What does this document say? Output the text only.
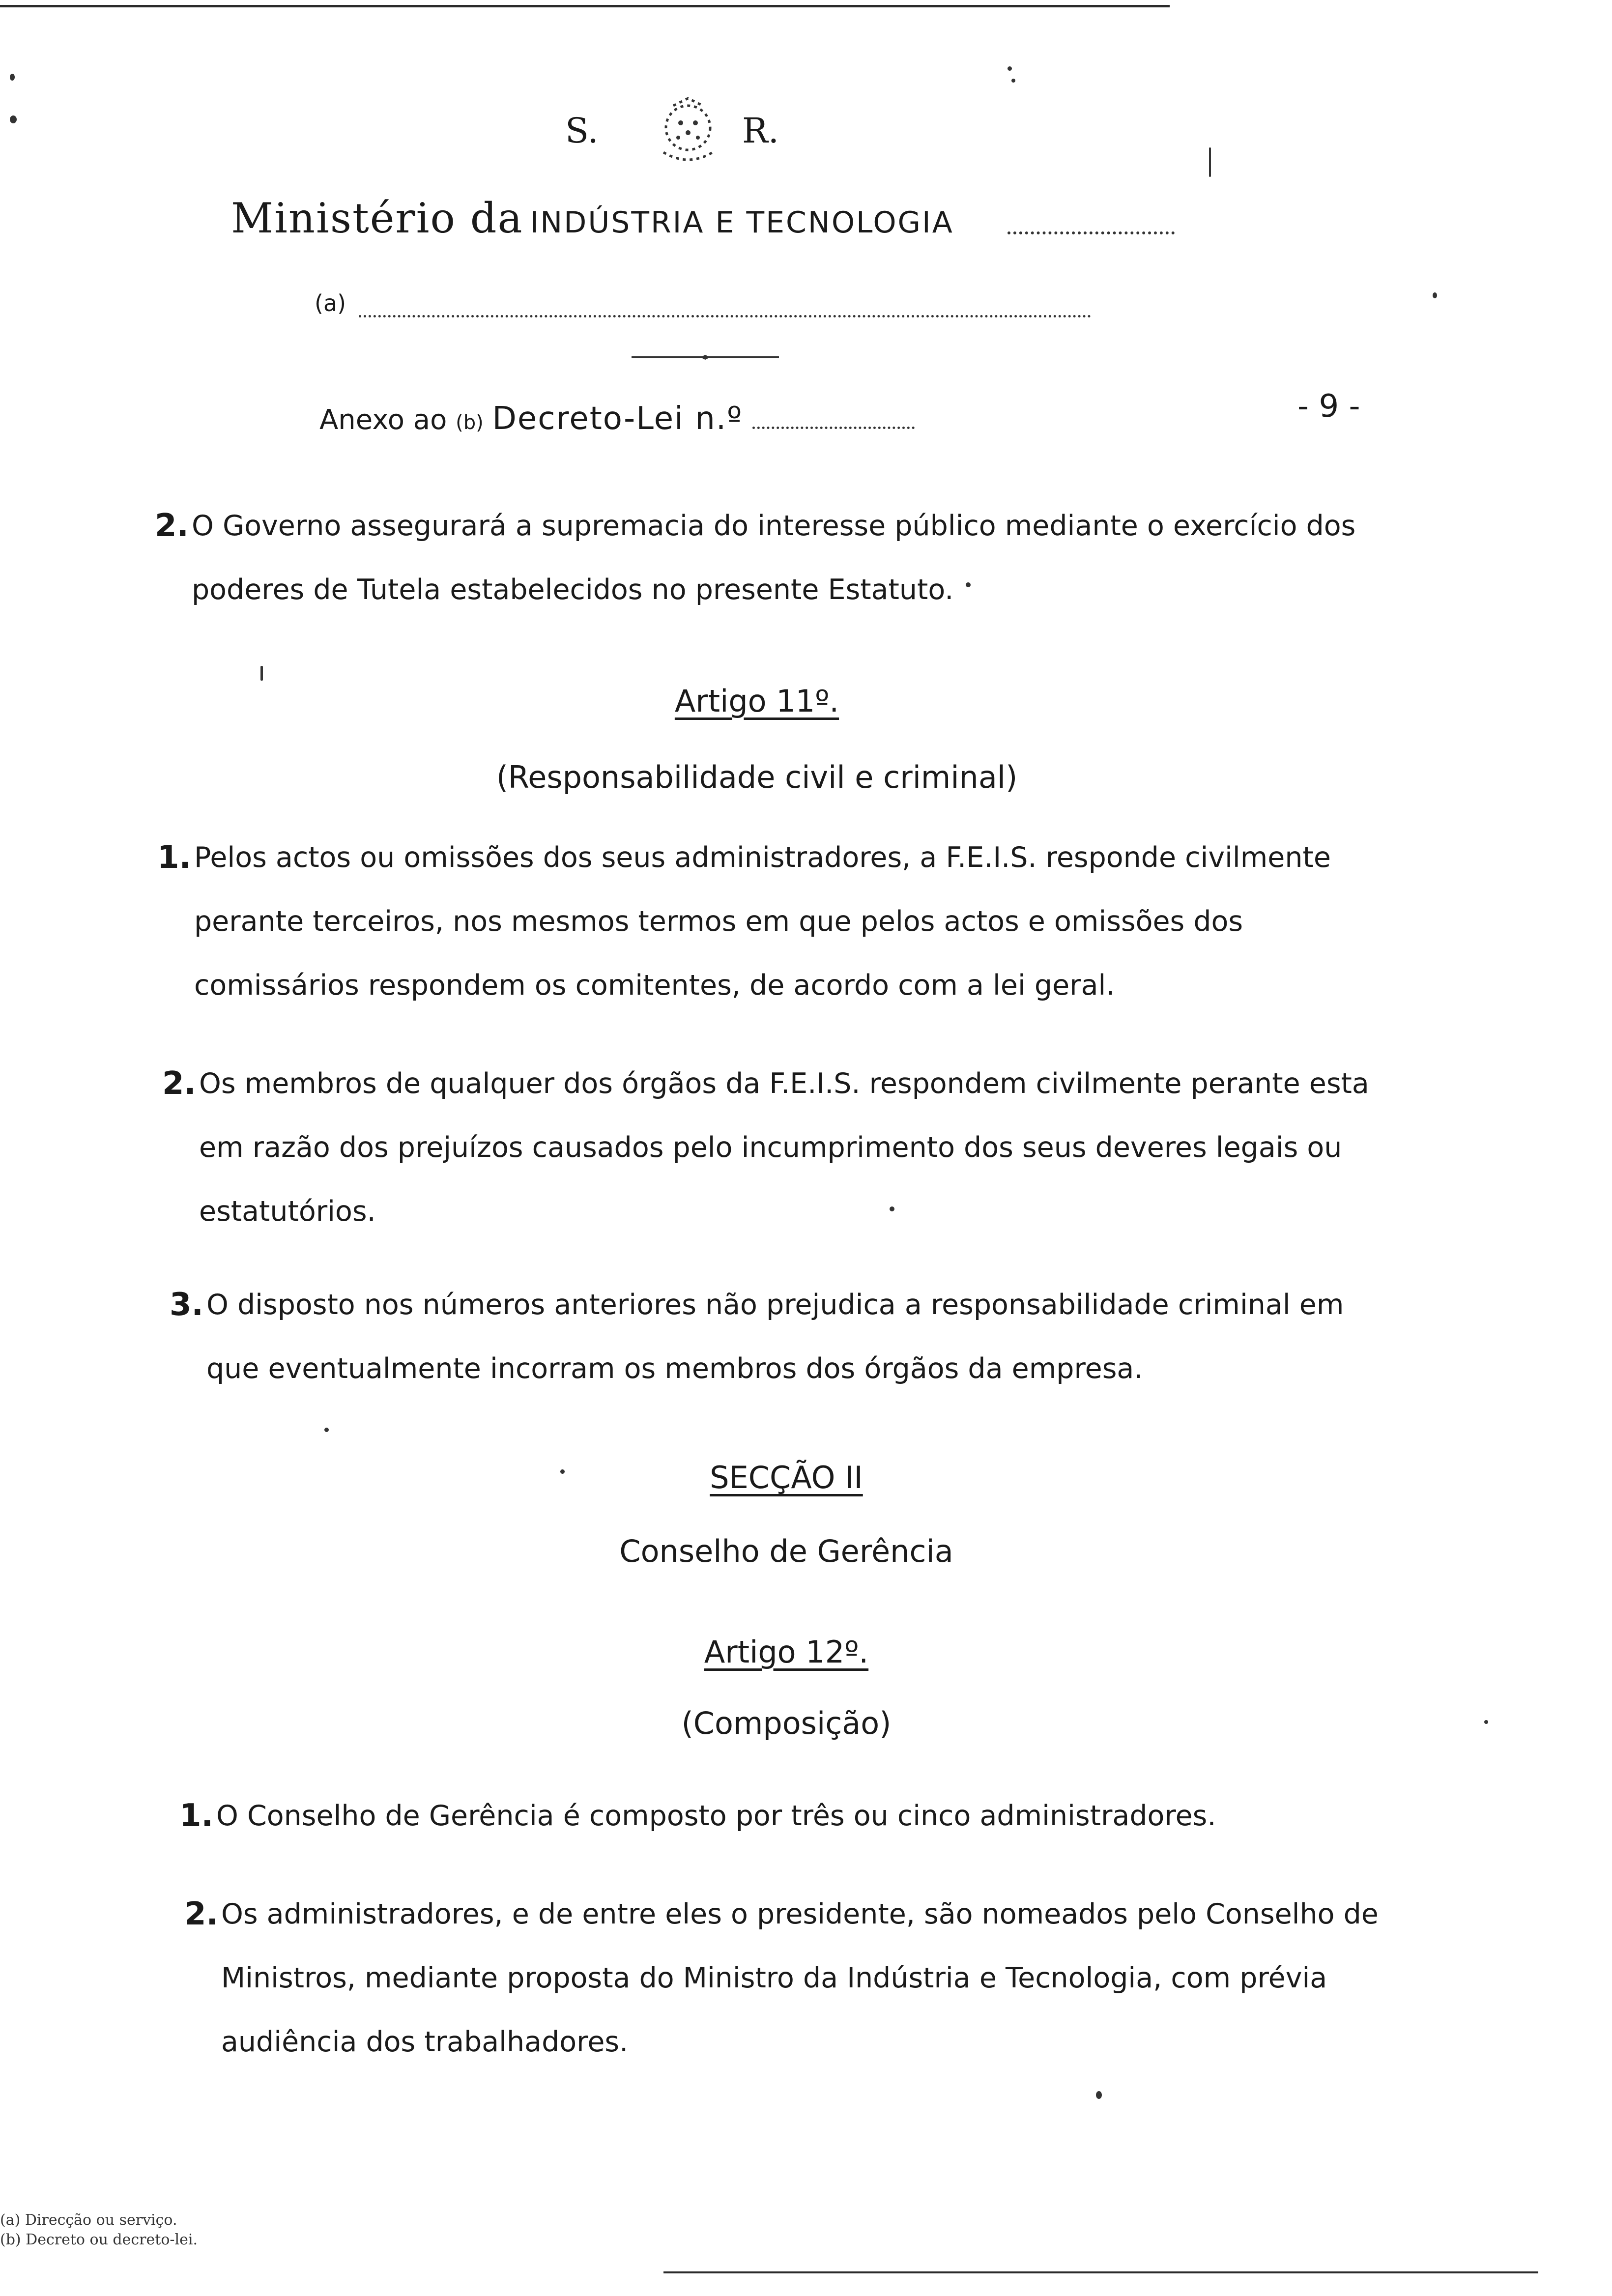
S.	R.
Ministério da INDÚSTRIA E TECNOLOGIA
(a)
Anexo ao (b) Decreto-Lei n.º	- 9 -
2. O Governo assegurará a supremacia do interesse público mediante o exercício dos poderes de Tutela estabelecidos no presente Estatuto.
Artigo 11º.
(Responsabilidade civil e criminal)
1. Pelos actos ou omissões dos seus administradores, a F.E.I.S. responde civilmente perante terceiros, nos mesmos termos em que pelos actos e omissões dos comissários respondem os comitentes, de acordo com a lei geral.
2. Os membros de qualquer dos órgãos da F.E.I.S. respondem civilmente perante esta em razão dos prejuízos causados pelo incumprimento dos seus deveres legais ou estatutórios.
3. O disposto nos números anteriores não prejudica a responsabilidade criminal em que eventualmente incorram os membros dos órgãos da empresa.
SECÇÃO II
Conselho de Gerência
Artigo 12º.
(Composição)
1. O Conselho de Gerência é composto por três ou cinco administradores.
2. Os administradores, e de entre eles o presidente, são nomeados pelo Conselho de Ministros, mediante proposta do Ministro da Indústria e Tecnologia, com prévia audiência dos trabalhadores.
(a) Direcção ou serviço.
(b) Decreto ou decreto-lei.
